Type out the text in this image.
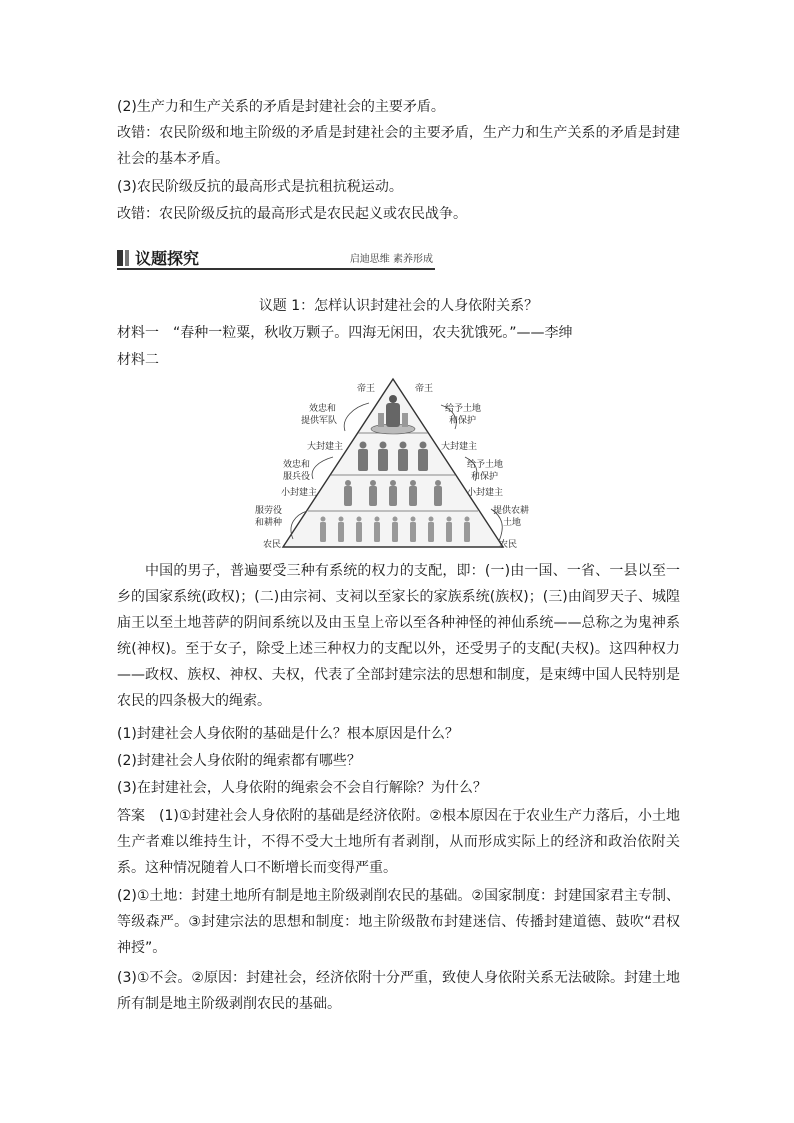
(2)生产力和生产关系的矛盾是封建社会的主要矛盾。

改错：农民阶级和地主阶级的矛盾是封建社会的主要矛盾，生产力和生产关系的矛盾是封建社会的基本矛盾。

(3)农民阶级反抗的最高形式是抗租抗税运动。

改错：农民阶级反抗的最高形式是农民起义或农民战争。

议题探究	启迪思维 素养形成

议题 1：怎样认识封建社会的人身依附关系？

材料一　“春种一粒粟，秋收万颗子。四海无闲田，农夫犹饿死。”——李绅

材料二

帝王	帝王
效忠和
提供军队
给予土地
和保护
大封建主	大封建主
效忠和
服兵役
给予土地
和保护
小封建主	小封建主
服劳役
和耕种
提供农耕
土地
农民	农民

中国的男子，普遍要受三种有系统的权力的支配，即：(一)由一国、一省、一县以至一乡的国家系统(政权)；(二)由宗祠、支祠以至家长的家族系统(族权)；(三)由阎罗天子、城隍庙王以至土地菩萨的阴间系统以及由玉皇上帝以至各种神怪的神仙系统——总称之为鬼神系统(神权)。至于女子，除受上述三种权力的支配以外，还受男子的支配(夫权)。这四种权力——政权、族权、神权、夫权，代表了全部封建宗法的思想和制度，是束缚中国人民特别是农民的四条极大的绳索。

(1)封建社会人身依附的基础是什么？根本原因是什么？

(2)封建社会人身依附的绳索都有哪些？

(3)在封建社会，人身依附的绳索会不会自行解除？为什么？

答案　(1)①封建社会人身依附的基础是经济依附。②根本原因在于农业生产力落后，小土地生产者难以维持生计，不得不受大土地所有者剥削，从而形成实际上的经济和政治依附关系。这种情况随着人口不断增长而变得严重。

(2)①土地：封建土地所有制是地主阶级剥削农民的基础。②国家制度：封建国家君主专制、等级森严。③封建宗法的思想和制度：地主阶级散布封建迷信、传播封建道德、鼓吹“君权神授”。

(3)①不会。②原因：封建社会，经济依附十分严重，致使人身依附关系无法破除。封建土地所有制是地主阶级剥削农民的基础。
